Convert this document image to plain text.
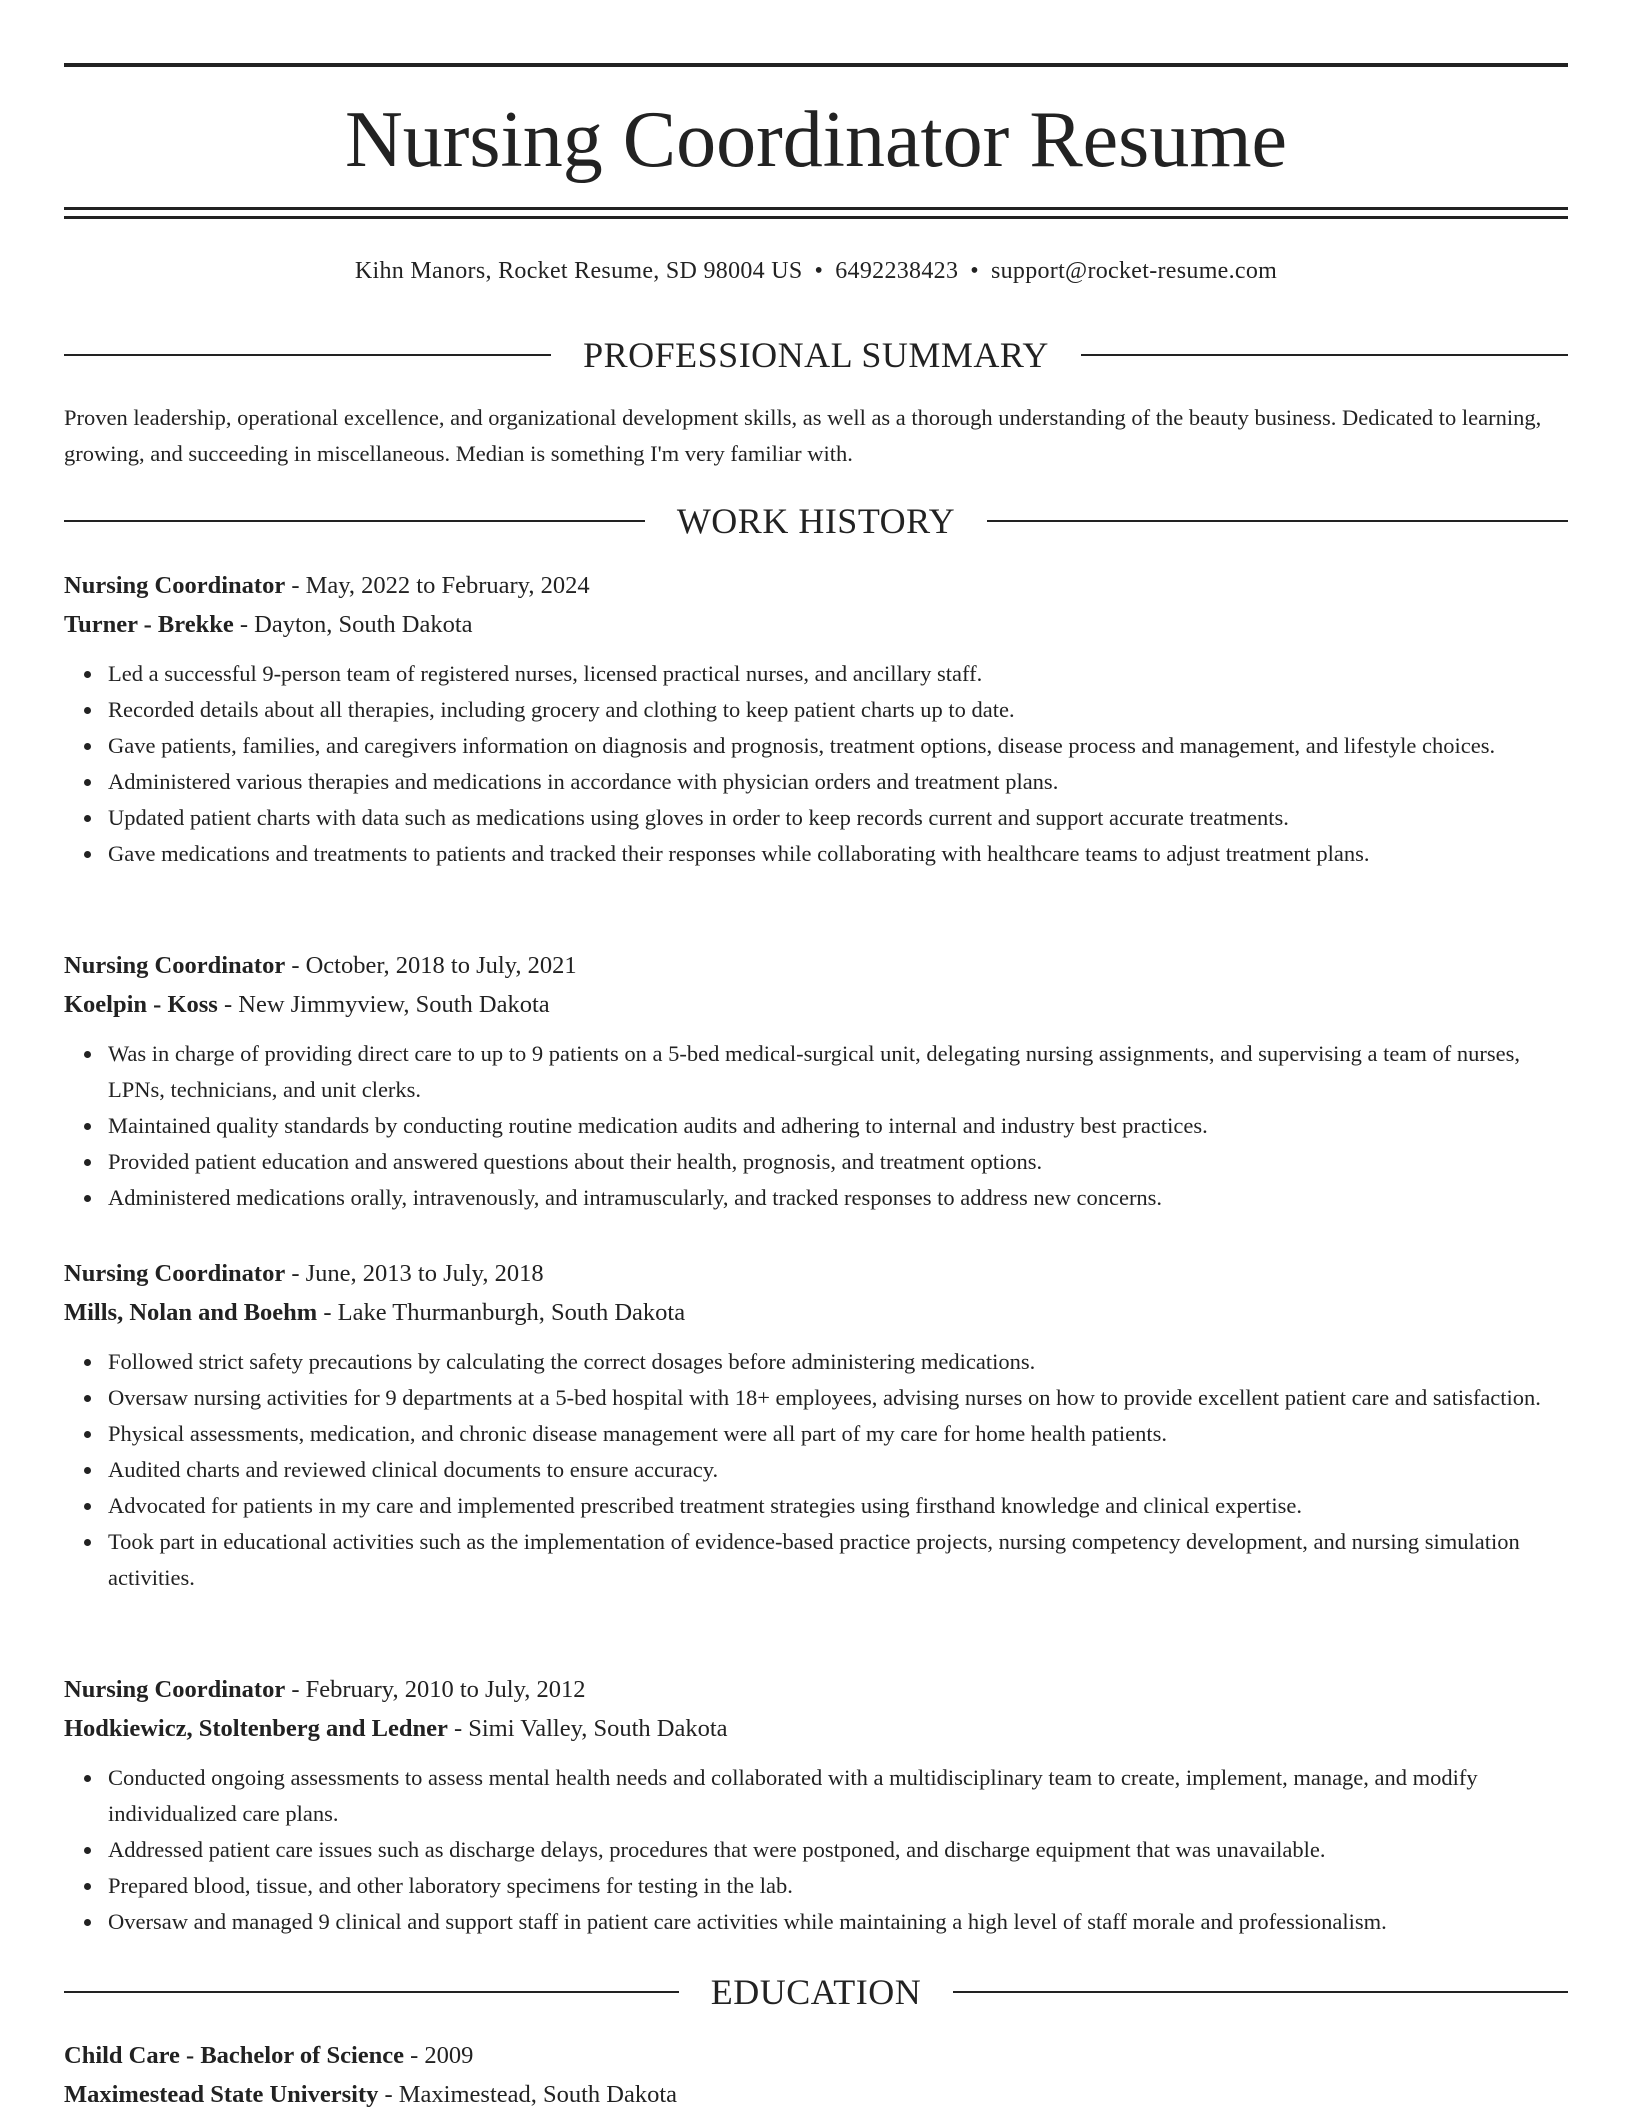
Nursing Coordinator Resume
Kihn Manors, Rocket Resume, SD 98004 US • 6492238423 • support@rocket-resume.com
PROFESSIONAL SUMMARY

Proven leadership, operational excellence, and organizational development skills, as well as a thorough understanding of the beauty business. Dedicated to learning, growing, and succeeding in miscellaneous. Median is something I'm very familiar with.

WORK HISTORY
Nursing Coordinator - May, 2022 to February, 2024
Turner - Brekke - Dayton, South Dakota
Led a successful 9-person team of registered nurses, licensed practical nurses, and ancillary staff.
Recorded details about all therapies, including grocery and clothing to keep patient charts up to date.
Gave patients, families, and caregivers information on diagnosis and prognosis, treatment options, disease process and management, and lifestyle choices.
Administered various therapies and medications in accordance with physician orders and treatment plans.
Updated patient charts with data such as medications using gloves in order to keep records current and support accurate treatments.
Gave medications and treatments to patients and tracked their responses while collaborating with healthcare teams to adjust treatment plans.
Nursing Coordinator - October, 2018 to July, 2021
Koelpin - Koss - New Jimmyview, South Dakota
Was in charge of providing direct care to up to 9 patients on a 5-bed medical-surgical unit, delegating nursing assignments, and supervising a team of nurses, LPNs, technicians, and unit clerks.
Maintained quality standards by conducting routine medication audits and adhering to internal and industry best practices.
Provided patient education and answered questions about their health, prognosis, and treatment options.
Administered medications orally, intravenously, and intramuscularly, and tracked responses to address new concerns.
Nursing Coordinator - June, 2013 to July, 2018
Mills, Nolan and Boehm - Lake Thurmanburgh, South Dakota
Followed strict safety precautions by calculating the correct dosages before administering medications.
Oversaw nursing activities for 9 departments at a 5-bed hospital with 18+ employees, advising nurses on how to provide excellent patient care and satisfaction.
Physical assessments, medication, and chronic disease management were all part of my care for home health patients.
Audited charts and reviewed clinical documents to ensure accuracy.
Advocated for patients in my care and implemented prescribed treatment strategies using firsthand knowledge and clinical expertise.
Took part in educational activities such as the implementation of evidence-based practice projects, nursing competency development, and nursing simulation activities.
Nursing Coordinator - February, 2010 to July, 2012
Hodkiewicz, Stoltenberg and Ledner - Simi Valley, South Dakota
Conducted ongoing assessments to assess mental health needs and collaborated with a multidisciplinary team to create, implement, manage, and modify individualized care plans.
Addressed patient care issues such as discharge delays, procedures that were postponed, and discharge equipment that was unavailable.
Prepared blood, tissue, and other laboratory specimens for testing in the lab.
Oversaw and managed 9 clinical and support staff in patient care activities while maintaining a high level of staff morale and professionalism.
EDUCATION
Child Care - Bachelor of Science - 2009
Maximestead State University - Maximestead, South Dakota
